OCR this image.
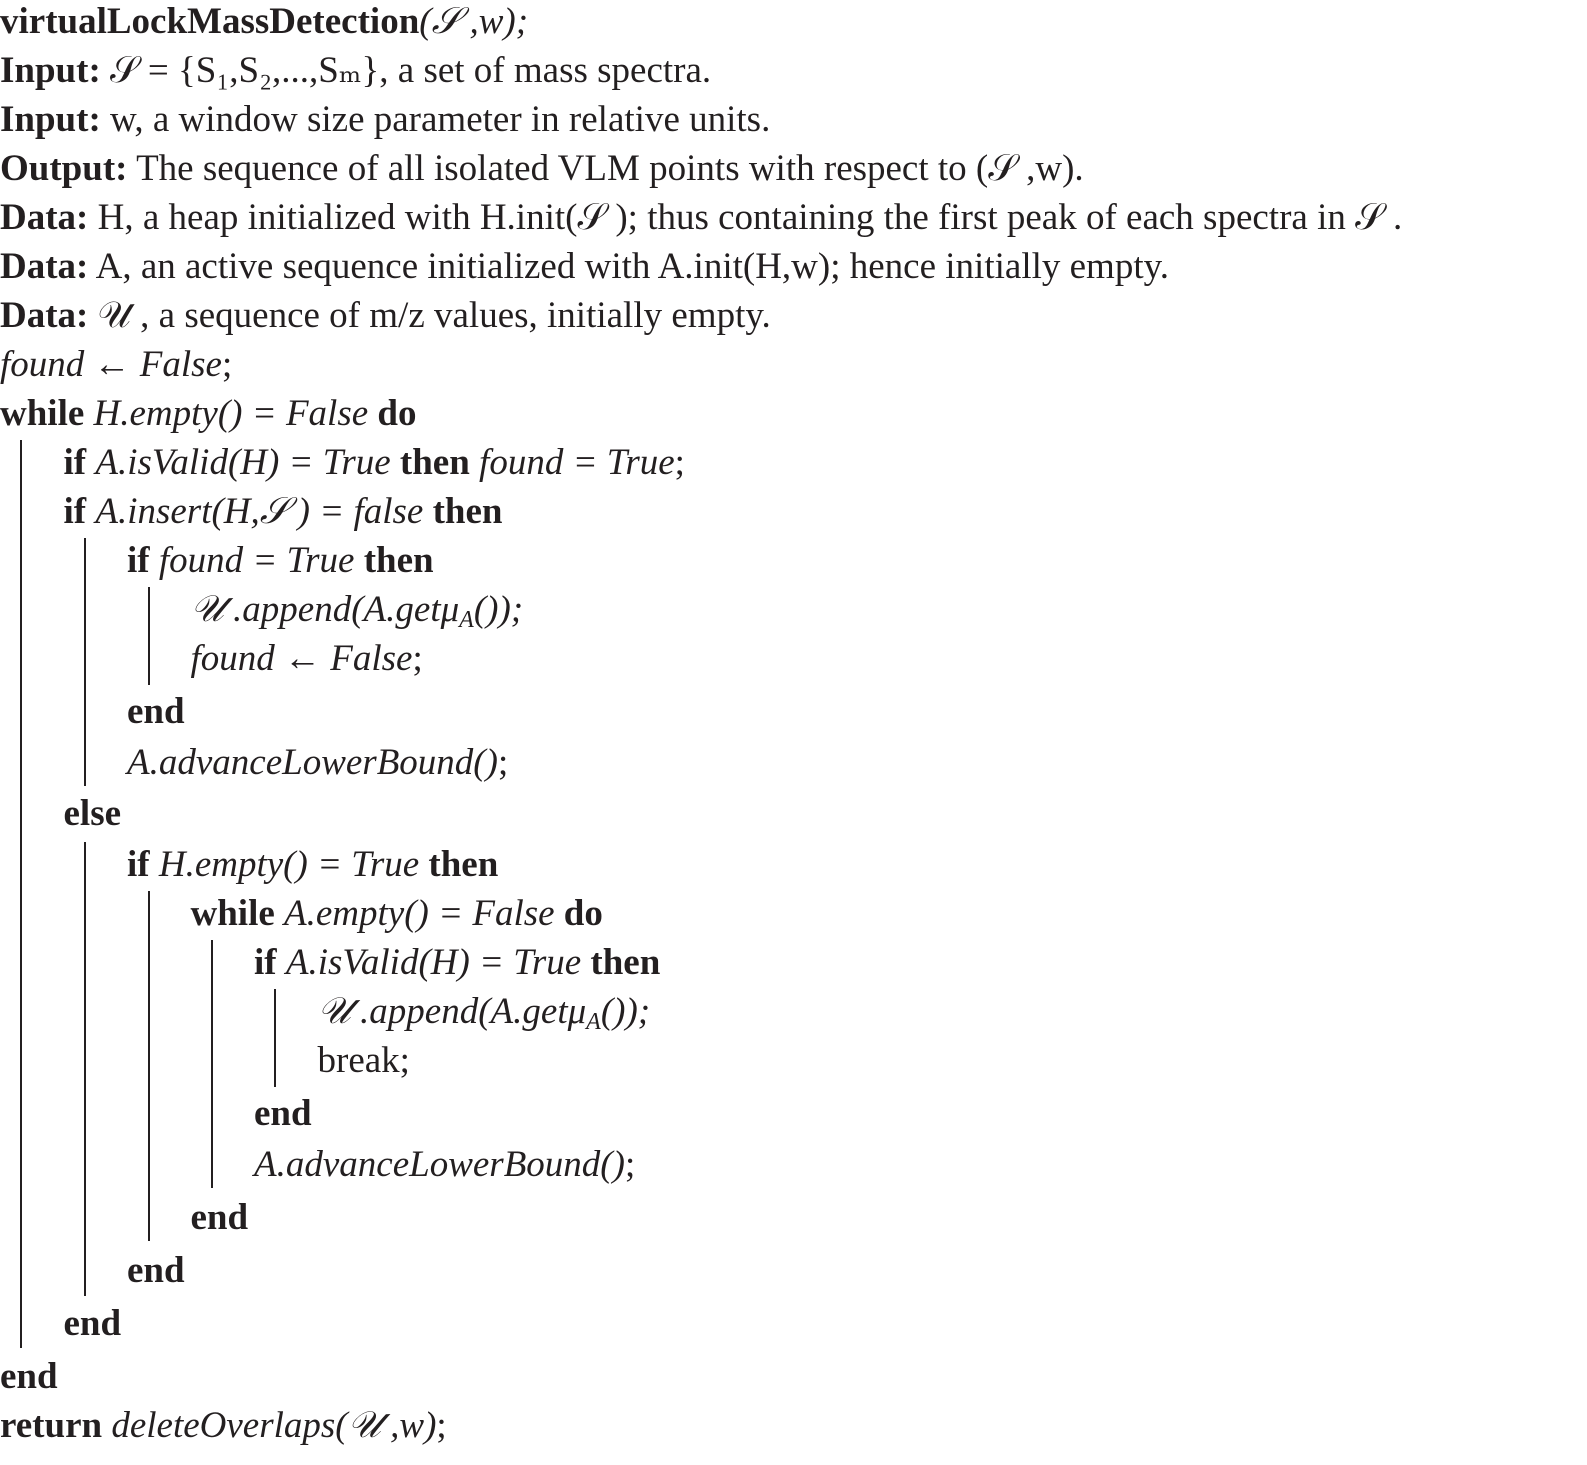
virtualLockMassDetection(𝒮 ,w);
Input: 𝒮 = {S₁,S₂,...,Sₘ}, a set of mass spectra.
Input: w, a window size parameter in relative units.
Output: The sequence of all isolated VLM points with respect to (𝒮 ,w).
Data: H, a heap initialized with H.init(𝒮 ); thus containing the first peak of each spectra in 𝒮 .
Data: A, an active sequence initialized with A.init(H,w); hence initially empty.
Data: 𝒰 , a sequence of m/z values, initially empty.
found ← False;
while H.empty() = False do
if A.isValid(H) = True then found = True;
if A.insert(H,𝒮 ) = false then
if found = True then
𝒰 .append(A.getμ$_A$());
found ← False;
end
A.advanceLowerBound();
else
if H.empty() = True then
while A.empty() = False do
if A.isValid(H) = True then
𝒰 .append(A.getμ$_A$());
break;
end
A.advanceLowerBound();
end
end
end
end
return deleteOverlaps(𝒰 ,w);
